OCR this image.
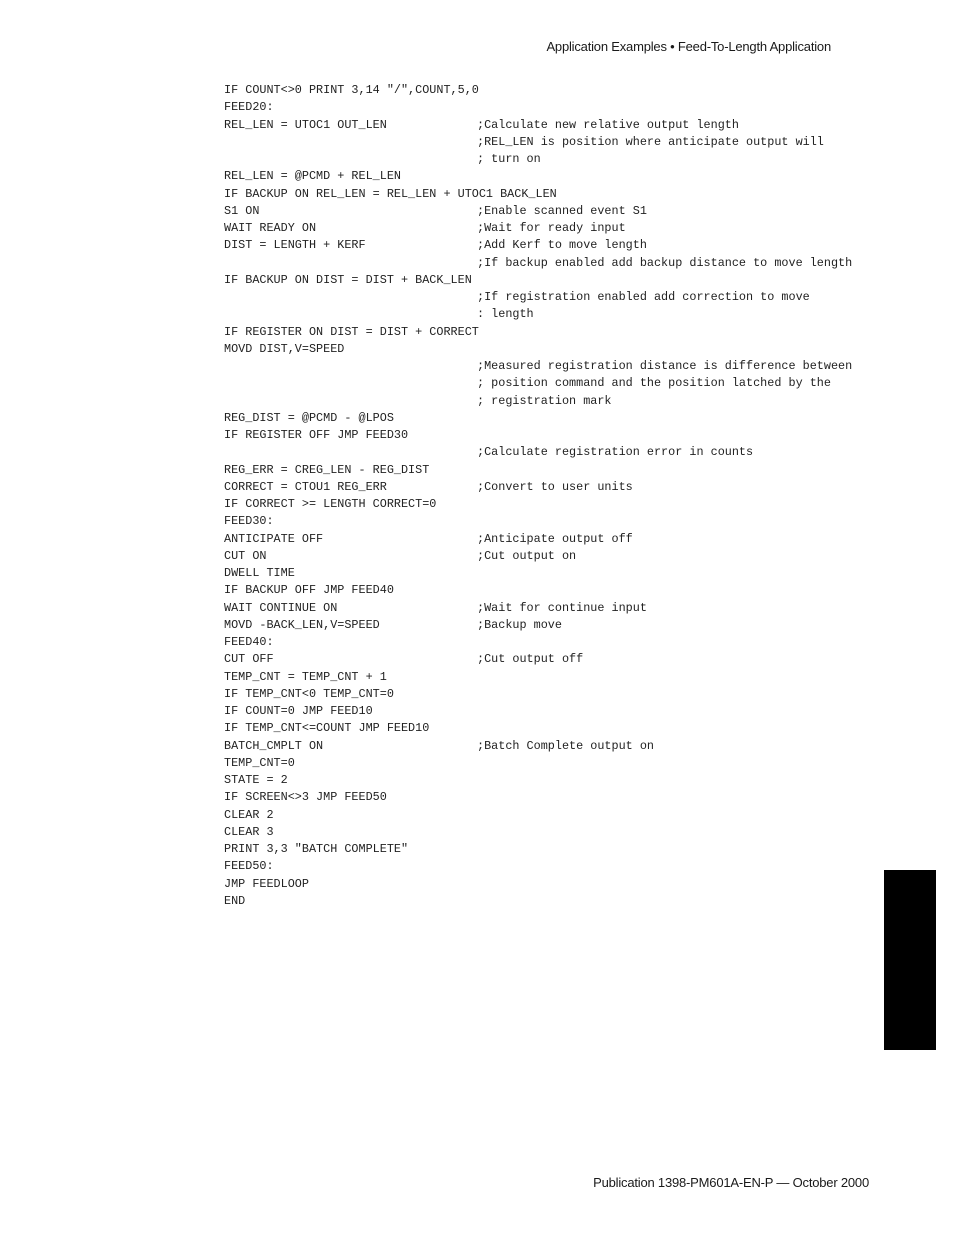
Application Examples • Feed-To-Length Application
IF COUNT<>0 PRINT 3,14 "/",COUNT,5,0
FEED20:
REL_LEN = UTOC1 OUT_LEN	;Calculate new relative output length
;REL_LEN is position where anticipate output will
; turn on
REL_LEN = @PCMD + REL_LEN
IF BACKUP ON REL_LEN = REL_LEN + UTOC1 BACK_LEN
S1 ON	;Enable scanned event S1
WAIT READY ON	;Wait for ready input
DIST = LENGTH + KERF	;Add Kerf to move length
;If backup enabled add backup distance to move length
IF BACKUP ON DIST = DIST + BACK_LEN
;If registration enabled add correction to move
: length
IF REGISTER ON DIST = DIST + CORRECT
MOVD DIST,V=SPEED
;Measured registration distance is difference between
; position command and the position latched by the
; registration mark
REG_DIST = @PCMD - @LPOS
IF REGISTER OFF JMP FEED30
;Calculate registration error in counts
REG_ERR = CREG_LEN - REG_DIST
CORRECT = CTOU1 REG_ERR	;Convert to user units
IF CORRECT >= LENGTH CORRECT=0
FEED30:
ANTICIPATE OFF	;Anticipate output off
CUT ON	;Cut output on
DWELL TIME
IF BACKUP OFF JMP FEED40
WAIT CONTINUE ON	;Wait for continue input
MOVD -BACK_LEN,V=SPEED	;Backup move
FEED40:
CUT OFF	;Cut output off
TEMP_CNT = TEMP_CNT + 1
IF TEMP_CNT<0 TEMP_CNT=0
IF COUNT=0 JMP FEED10
IF TEMP_CNT<=COUNT JMP FEED10
BATCH_CMPLT ON	;Batch Complete output on
TEMP_CNT=0
STATE = 2
IF SCREEN<>3 JMP FEED50
CLEAR 2
CLEAR 3
PRINT 3,3 "BATCH COMPLETE"
FEED50:
JMP FEEDLOOP
END
Publication 1398-PM601A-EN-P — October 2000
